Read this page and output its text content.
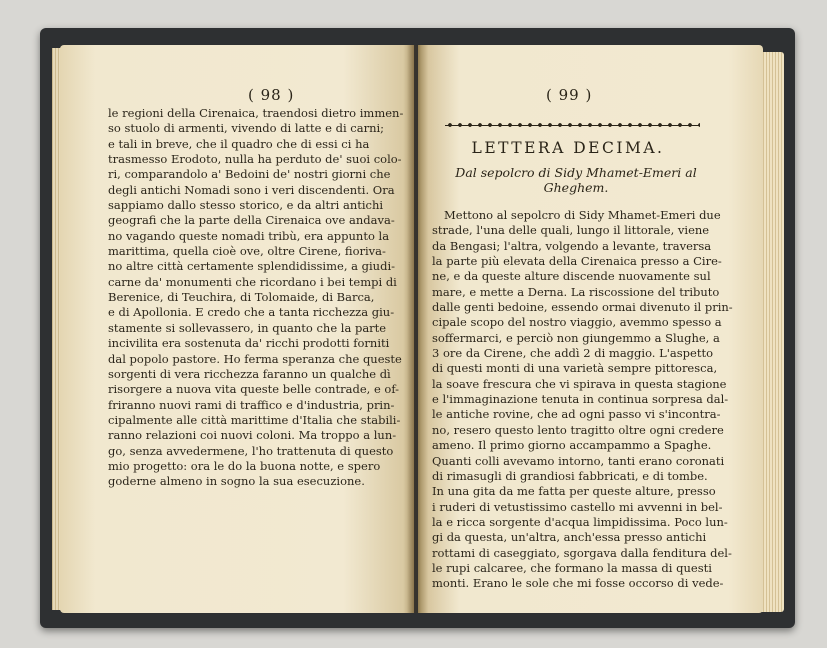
( 98 )
le regioni della Cirenaica, traendosi dietro immen-
so stuolo di armenti, vivendo di latte e di carni;
e tali in breve, che il quadro che di essi ci ha
trasmesso Erodoto, nulla ha perduto de' suoi colo-
ri, comparandolo a' Bedoini de' nostri giorni che
degli antichi Nomadi sono i veri discendenti. Ora
sappiamo dallo stesso storico, e da altri antichi
geografi che la parte della Cirenaica ove andava-
no vagando queste nomadi tribù, era appunto la
marittima, quella cioè ove, oltre Cirene, fioriva-
no altre città certamente splendidissime, a giudi-
carne da' monumenti che ricordano i bei tempi di
Berenice, di Teuchira, di Tolomaide, di Barca,
e di Apollonia. E credo che a tanta ricchezza giu-
stamente si sollevassero, in quanto che la parte
incivilita era sostenuta da' ricchi prodotti forniti
dal popolo pastore. Ho ferma speranza che queste
sorgenti di vera ricchezza faranno un qualche dì
risorgere a nuova vita queste belle contrade, e of-
friranno nuovi rami di traffico e d'industria, prin-
cipalmente alle città marittime d'Italia che stabili-
ranno relazioni coi nuovi coloni. Ma troppo a lun-
go, senza avvedermene, l'ho trattenuta di questo
mio progetto: ora le do la buona notte, e spero
goderne almeno in sogno la sua esecuzione.
( 99 )
LETTERA DECIMA.
Dal sepolcro di Sidy Mhamet-Emeri al Gheghem.
Mettono al sepolcro di Sidy Mhamet-Emeri due
strade, l'una delle quali, lungo il littorale, viene
da Bengasi; l'altra, volgendo a levante, traversa
la parte più elevata della Cirenaica presso a Cire-
ne, e da queste alture discende nuovamente sul
mare, e mette a Derna. La riscossione del tributo
dalle genti bedoine, essendo ormai divenuto il prin-
cipale scopo del nostro viaggio, avemmo spesso a
soffermarci, e perciò non giungemmo a Slughe, a
3 ore da Cirene, che addì 2 di maggio. L'aspetto
di questi monti di una varietà sempre pittoresca,
la soave frescura che vi spirava in questa stagione
e l'immaginazione tenuta in continua sorpresa dal-
le antiche rovine, che ad ogni passo vi s'incontra-
no, resero questo lento tragitto oltre ogni credere
ameno. Il primo giorno accampammo a Spaghe.
Quanti colli avevamo intorno, tanti erano coronati
di rimasugli di grandiosi fabbricati, e di tombe.
In una gita da me fatta per queste alture, presso
i ruderi di vetustissimo castello mi avvenni in bel-
la e ricca sorgente d'acqua limpidissima. Poco lun-
gi da questa, un'altra, anch'essa presso antichi
rottami di caseggiato, sgorgava dalla fenditura del-
le rupi calcaree, che formano la massa di questi
monti. Erano le sole che mi fosse occorso di vede-
